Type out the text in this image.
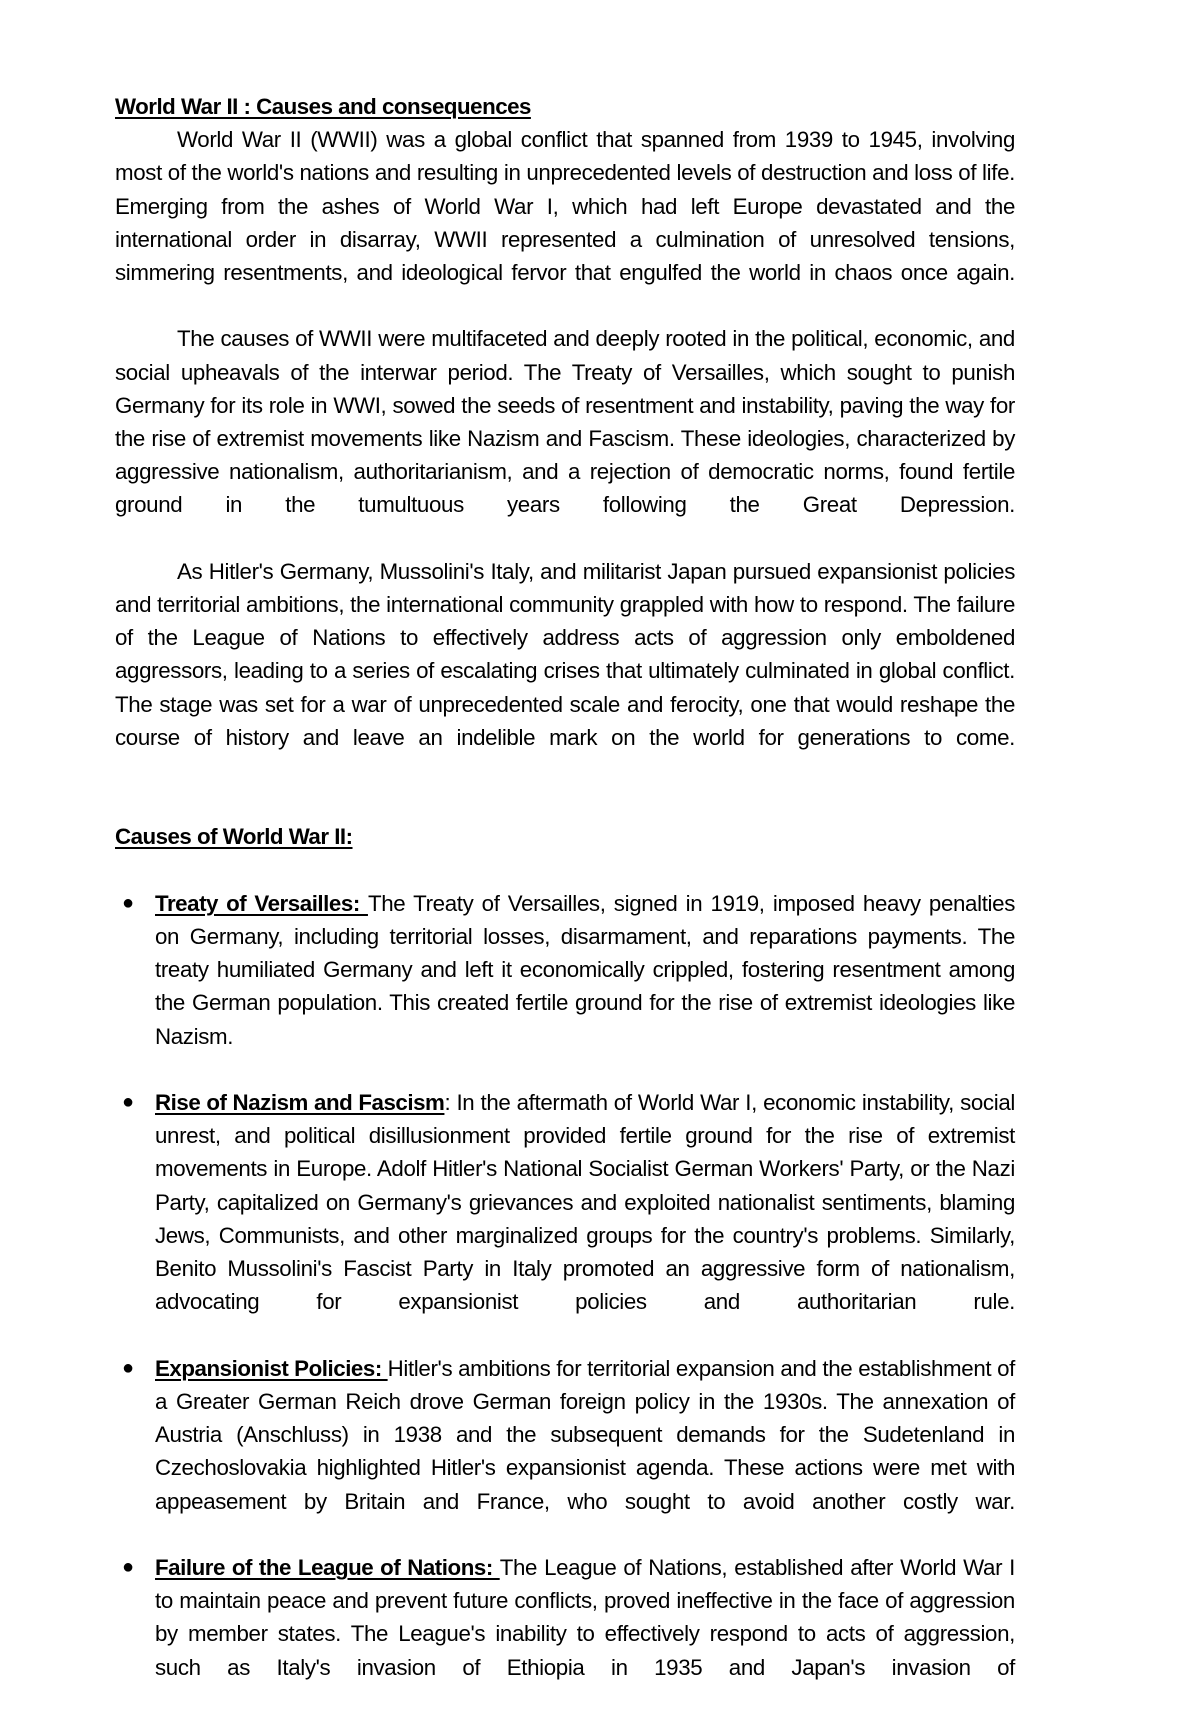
World War II : Causes and consequences

World War II (WWII) was a global conflict that spanned from 1939 to 1945, involving most of the world's nations and resulting in unprecedented levels of destruction and loss of life. Emerging from the ashes of World War I, which had left Europe devastated and the international order in disarray, WWII represented a culmination of unresolved tensions, simmering resentments, and ideological fervor that engulfed the world in chaos once again.

The causes of WWII were multifaceted and deeply rooted in the political, economic, and social upheavals of the interwar period. The Treaty of Versailles, which sought to punish Germany for its role in WWI, sowed the seeds of resentment and instability, paving the way for the rise of extremist movements like Nazism and Fascism. These ideologies, characterized by aggressive nationalism, authoritarianism, and a rejection of democratic norms, found fertile ground in the tumultuous years following the Great Depression.

As Hitler's Germany, Mussolini's Italy, and militarist Japan pursued expansionist policies and territorial ambitions, the international community grappled with how to respond. The failure of the League of Nations to effectively address acts of aggression only emboldened aggressors, leading to a series of escalating crises that ultimately culminated in global conflict. The stage was set for a war of unprecedented scale and ferocity, one that would reshape the course of history and leave an indelible mark on the world for generations to come.

Causes of World War II:
● Treaty of Versailles: The Treaty of Versailles, signed in 1919, imposed heavy penalties on Germany, including territorial losses, disarmament, and reparations payments. The treaty humiliated Germany and left it economically crippled, fostering resentment among the German population. This created fertile ground for the rise of extremist ideologies like Nazism.
● Rise of Nazism and Fascism: In the aftermath of World War I, economic instability, social unrest, and political disillusionment provided fertile ground for the rise of extremist movements in Europe. Adolf Hitler's National Socialist German Workers' Party, or the Nazi Party, capitalized on Germany's grievances and exploited nationalist sentiments, blaming Jews, Communists, and other marginalized groups for the country's problems. Similarly, Benito Mussolini's Fascist Party in Italy promoted an aggressive form of nationalism, advocating for expansionist policies and authoritarian rule.
● Expansionist Policies: Hitler's ambitions for territorial expansion and the establishment of a Greater German Reich drove German foreign policy in the 1930s. The annexation of Austria (Anschluss) in 1938 and the subsequent demands for the Sudetenland in Czechoslovakia highlighted Hitler's expansionist agenda. These actions were met with appeasement by Britain and France, who sought to avoid another costly war.
● Failure of the League of Nations: The League of Nations, established after World War I to maintain peace and prevent future conflicts, proved ineffective in the face of aggression by member states. The League's inability to effectively respond to acts of aggression, such as Italy's invasion of Ethiopia in 1935 and Japan's invasion of
